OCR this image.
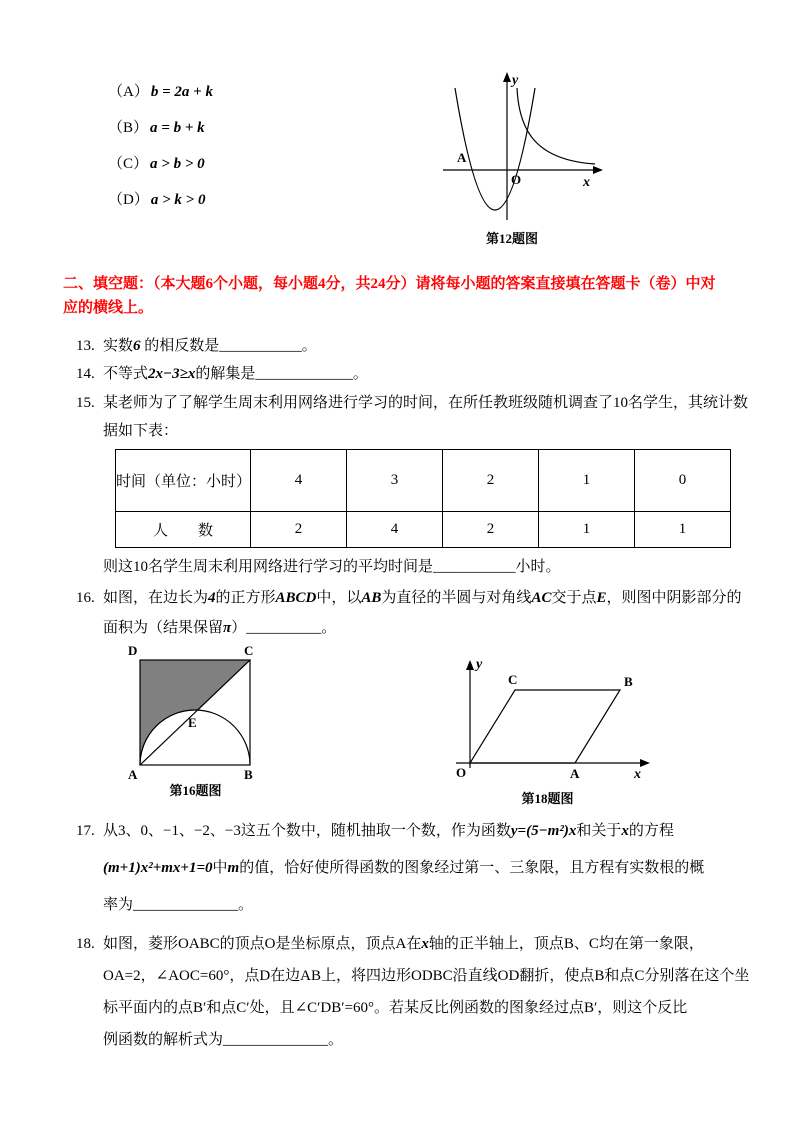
（A） b = 2a + k
（B） a = b + k
（C） a > b > 0
（D） a > k > 0
y
x
O
A
第12题图
二、填空题：（本大题6个小题，每小题4分，共24分）请将每小题的答案直接填在答题卡（卷）中对
应的横线上。
13. 实数6 的相反数是___________。
14. 不等式2x−3≥x的解集是_____________。
15. 某老师为了了解学生周末利用网络进行学习的时间，在所任教班级随机调查了10名学生，其统计数
据如下表：
时间（单位：小时）	4	3	2	1	0
人　　数	2	4	2	1	1
则这10名学生周末利用网络进行学习的平均时间是___________小时。
16. 如图，在边长为4的正方形ABCD中，以AB为直径的半圆与对角线AC交于点E，则图中阴影部分的
面积为（结果保留π）__________。
D	C
A	B
E
第16题图
O	A
B
C
y
x
第18题图
17. 从3、0、−1、−2、−3这五个数中，随机抽取一个数，作为函数y=(5−m²)x和关于x的方程
(m+1)x²+mx+1=0中m的值，恰好使所得函数的图象经过第一、三象限，且方程有实数根的概
率为______________。
18. 如图，菱形OABC的顶点O是坐标原点，顶点A在x轴的正半轴上，顶点B、C均在第一象限，
OA=2，∠AOC=60°，点D在边AB上，将四边形ODBC沿直线OD翻折，使点B和点C分别落在这个坐
标平面内的点B′和点C′处，且∠C′DB′=60°。若某反比例函数的图象经过点B′，则这个反比
例函数的解析式为______________。
